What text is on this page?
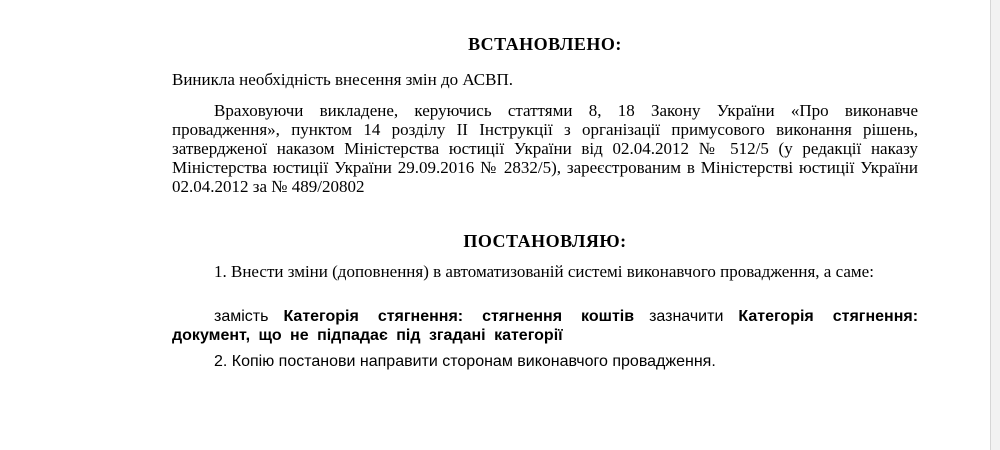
ВСТАНОВЛЕНО:

Виникла необхідність внесення змін до АСВП.

Враховуючи викладене, керуючись статтями 8, 18 Закону України «Про виконавче провадження», пунктом 14 розділу II Інструкції з організації примусового виконання рішень, затвердженої наказом Міністерства юстиції України від 02.04.2012 № 512/5 (у редакції наказу Міністерства юстиції України 29.09.2016 № 2832/5), зареєстрованим в Міністерстві юстиції України 02.04.2012 за № 489/20802

ПОСТАНОВЛЯЮ:

1. Внести зміни (доповнення) в автоматизованій системі виконавчого провадження, а саме:

замість Категорія стягнення: стягнення коштів зазначити Категорія стягнення: документ, що не підпадає під згадані категорії

2. Копію постанови направити сторонам виконавчого провадження.
